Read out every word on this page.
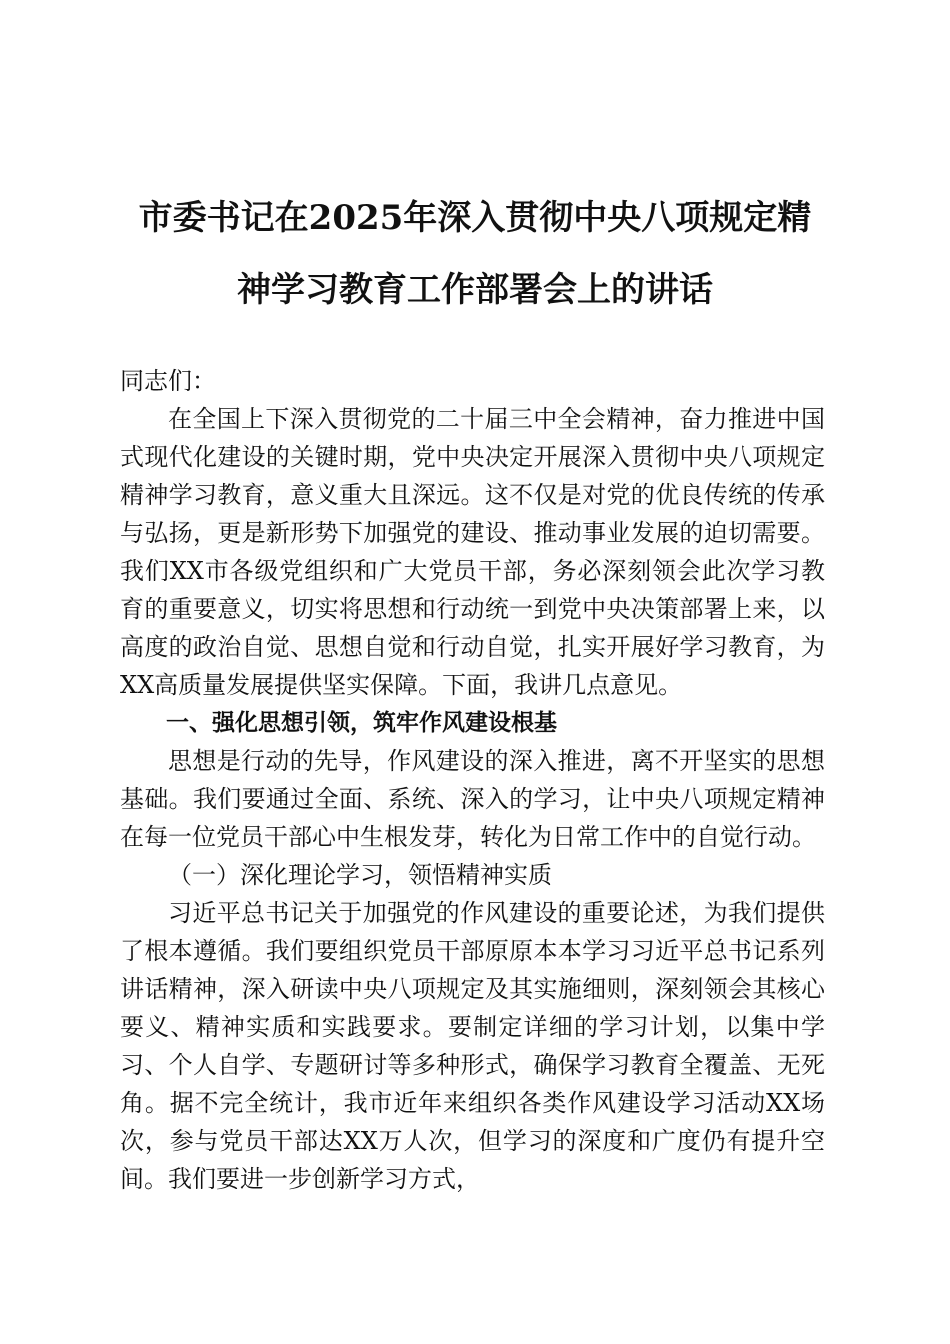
市委书记在2025年深入贯彻中央八项规定精
神学习教育工作部署会上的讲话

同志们：

在全国上下深入贯彻党的二十届三中全会精神，奋力推进中国式现代化建设的关键时期，党中央决定开展深入贯彻中央八项规定精神学习教育，意义重大且深远。这不仅是对党的优良传统的传承与弘扬，更是新形势下加强党的建设、推动事业发展的迫切需要。我们XX市各级党组织和广大党员干部，务必深刻领会此次学习教育的重要意义，切实将思想和行动统一到党中央决策部署上来，以高度的政治自觉、思想自觉和行动自觉，扎实开展好学习教育，为XX高质量发展提供坚实保障。下面，我讲几点意见。

一、强化思想引领，筑牢作风建设根基

思想是行动的先导，作风建设的深入推进，离不开坚实的思想基础。我们要通过全面、系统、深入的学习，让中央八项规定精神在每一位党员干部心中生根发芽，转化为日常工作中的自觉行动。

（一）深化理论学习，领悟精神实质

习近平总书记关于加强党的作风建设的重要论述，为我们提供了根本遵循。我们要组织党员干部原原本本学习习近平总书记系列讲话精神，深入研读中央八项规定及其实施细则，深刻领会其核心要义、精神实质和实践要求。要制定详细的学习计划，以集中学习、个人自学、专题研讨等多种形式，确保学习教育全覆盖、无死角。据不完全统计，我市近年来组织各类作风建设学习活动XX场次，参与党员干部达XX万人次，但学习的深度和广度仍有提升空间。我们要进一步创新学习方式，
